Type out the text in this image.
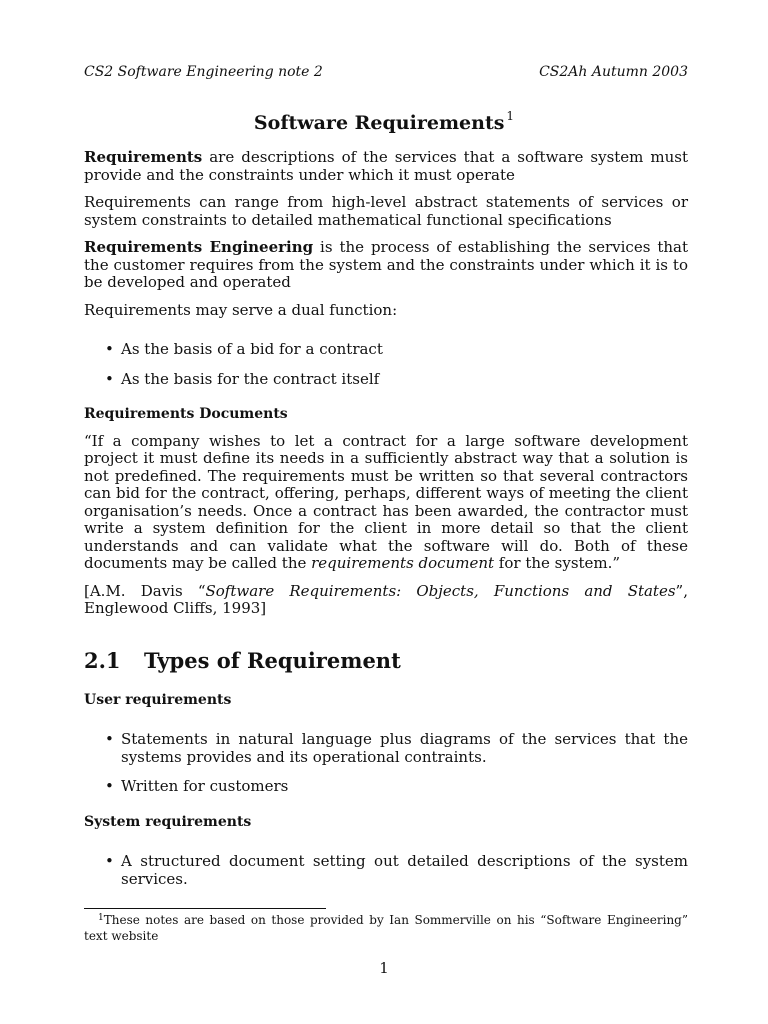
CS2 Software Engineering note 2	CS2Ah Autumn 2003
Software Requirements $^1$

Requirements are descriptions of the services that a software system must provide and the constraints under which it must operate

Requirements can range from high-level abstract statements of services or system constraints to detailed mathematical functional specifications

Requirements Engineering is the process of establishing the services that the customer requires from the system and the constraints under which it is to be developed and operated

Requirements may serve a dual function:

• As the basis of a bid for a contract
• As the basis for the contract itself
Requirements Documents

“If a company wishes to let a contract for a large software development project it must define its needs in a sufficiently abstract way that a solution is not predefined. The requirements must be written so that several contractors can bid for the contract, offering, perhaps, different ways of meeting the client organisation’s needs. Once a contract has been awarded, the contractor must write a system definition for the client in more detail so that the client understands and can validate what the software will do. Both of these documents may be called the requirements document for the system.”

[A.M. Davis “Software Requirements: Objects, Functions and States”, Englewood Cliffs, 1993]

2.1	Types of Requirement
User requirements
• Statements in natural language plus diagrams of the services that the systems provides and its operational contraints.
• Written for customers
System requirements
• A structured document setting out detailed descriptions of the system services.
$^1$These notes are based on those provided by Ian Sommerville on his “Software Engineering” text website
1
